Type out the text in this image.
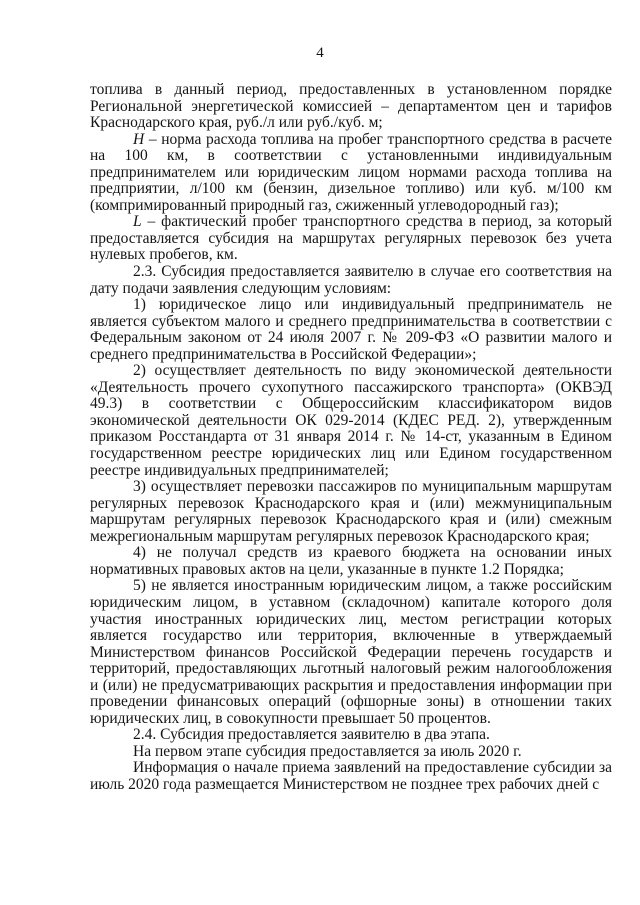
4

топлива в данный период, предоставленных в установленном порядке Региональной энергетической комиссией – департаментом цен и тарифов Краснодарского края, руб./л или руб./куб. м;

H – норма расхода топлива на пробег транспортного средства в расчете на 100 км, в соответствии с установленными индивидуальным предпринимателем или юридическим лицом нормами расхода топлива на предприятии, л/100 км (бензин, дизельное топливо) или куб. м/100 км (компримированный природный газ, сжиженный углеводородный газ);

L – фактический пробег транспортного средства в период, за который предоставляется субсидия на маршрутах регулярных перевозок без учета нулевых пробегов, км.

2.3. Субсидия предоставляется заявителю в случае его соответствия на дату подачи заявления следующим условиям:

1) юридическое лицо или индивидуальный предприниматель не является субъектом малого и среднего предпринимательства в соответствии с Федеральным законом от 24 июля 2007 г. № 209-ФЗ «О развитии малого и среднего предпринимательства в Российской Федерации»;

2) осуществляет деятельность по виду экономической деятельности «Деятельность прочего сухопутного пассажирского транспорта» (ОКВЭД 49.3) в соответствии с Общероссийским классификатором видов экономической деятельности ОК 029-2014 (КДЕС РЕД. 2), утвержденным приказом Росстандарта от 31 января 2014 г. № 14-ст, указанным в Едином государственном реестре юридических лиц или Едином государственном реестре индивидуальных предпринимателей;

3) осуществляет перевозки пассажиров по муниципальным маршрутам регулярных перевозок Краснодарского края и (или) межмуниципальным маршрутам регулярных перевозок Краснодарского края и (или) смежным межрегиональным маршрутам регулярных перевозок Краснодарского края;

4) не получал средств из краевого бюджета на основании иных нормативных правовых актов на цели, указанные в пункте 1.2 Порядка;

5) не является иностранным юридическим лицом, а также российским юридическим лицом, в уставном (складочном) капитале которого доля участия иностранных юридических лиц, местом регистрации которых является государство или территория, включенные в утверждаемый Министерством финансов Российской Федерации перечень государств и территорий, предоставляющих льготный налоговый режим налогообложения и (или) не предусматривающих раскрытия и предоставления информации при проведении финансовых операций (офшорные зоны) в отношении таких юридических лиц, в совокупности превышает 50 процентов.

2.4. Субсидия предоставляется заявителю в два этапа.

На первом этапе субсидия предоставляется за июль 2020 г.

Информация о начале приема заявлений на предоставление субсидии за июль 2020 года размещается Министерством не позднее трех рабочих дней с
